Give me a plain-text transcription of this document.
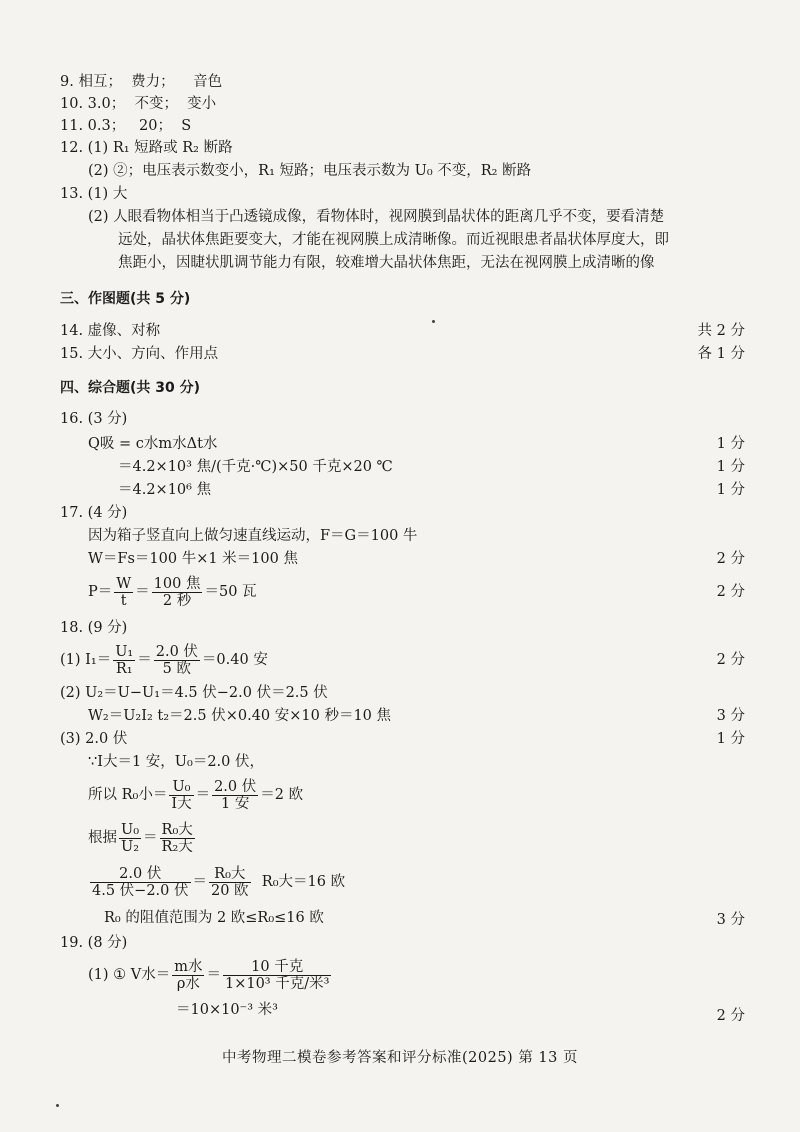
9. 相互；  费力；    音色
10. 3.0；  不变；  变小
11. 0.3；   20；  S
12. (1) R₁ 短路或 R₂ 断路
(2) ②；电压表示数变小，R₁ 短路；电压表示数为 U₀ 不变，R₂ 断路
13. (1) 大
(2) 人眼看物体相当于凸透镜成像，看物体时，视网膜到晶状体的距离几乎不变，要看清楚
远处，晶状体焦距要变大，才能在视网膜上成清晰像。而近视眼患者晶状体厚度大，即
焦距小，因睫状肌调节能力有限，较难增大晶状体焦距，无法在视网膜上成清晰的像
三、作图题(共 5 分)
14. 虚像、对称	共 2 分
15. 大小、方向、作用点	各 1 分
四、综合题(共 30 分)
16. (3 分)
Q吸 = c水m水Δt水	1 分
＝4.2×10³ 焦/(千克·℃)×50 千克×20 ℃	1 分
＝4.2×10⁶ 焦	1 分
17. (4 分)
因为箱子竖直向上做匀速直线运动，F＝G＝100 牛
W＝Fs＝100 牛×1 米＝100 焦	2 分
$P= \frac{W}{t} = \frac{\text{100 焦}}{\text{2 秒}} =50$ 瓦	2 分
18. (9 分)
(1) $I_1= \frac{\text{U₁}}{\text{R₁}} = \frac{\text{2.0 伏}}{\text{5 欧}} =0.40$ 安	2 分
(2) U₂＝U−U₁＝4.5 伏−2.0 伏＝2.5 伏
W₂＝U₂I₂ t₂＝2.5 伏×0.40 安×10 秒＝10 焦	3 分
(3) 2.0 伏	1 分
∵I大＝1 安，U₀＝2.0 伏，
所以 R₀小＝ $\frac{\text{U₀}}{\text{I大}} = \frac{\text{2.0 伏}}{\text{1 安}} =2$ 欧
根据 $\frac{\text{U₀}}{\text{U₂}} = \frac{\text{R₀大}}{\text{R₂大}}$
$\frac{\text{2.0 伏}}{\text{4.5 伏−2.0 伏}} = \frac{\text{R₀大}}{\text{20 欧}} R_0$大＝16 欧
R₀ 的阻值范围为 2 欧≤R₀≤16 欧	3 分
19. (8 分)
(1) ① V水＝ $\frac{\text{m水}}{\text{ρ水}} = \frac{\text{10 千克}}{\text{1×10³ 千克/米³}}$
＝10×10⁻³ 米³	2 分
中考物理二模卷参考答案和评分标准(2025) 第 13 页
